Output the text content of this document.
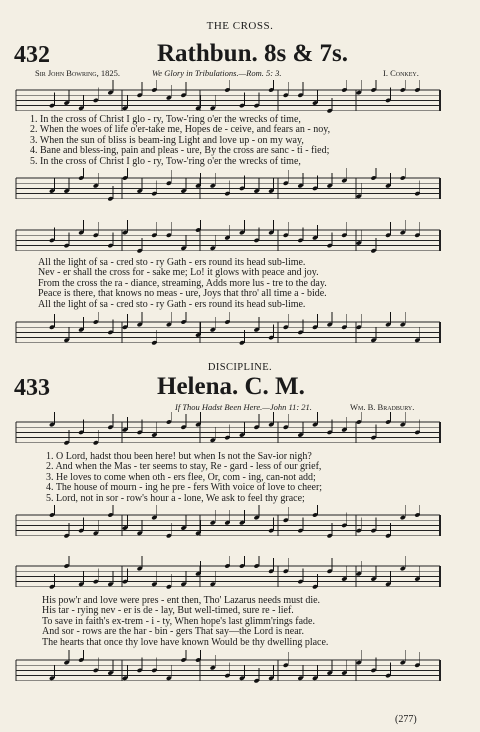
THE CROSS.
432	Rathbun. 8s & 7s.
Sir John Bowring, 1825.	We Glory in Tribulations.—Rom. 5: 3.	I. Conkey.
1. In the cross of Christ I glo - ry, Tow-'ring o'er the wrecks of time,
2. When the woes of life o'er-take me, Hopes de - ceive, and fears an - noy,
3. When the sun of bliss is beam-ing Light and love up - on my way,
4. Bane and bless-ing, pain and pleas - ure, By the cross are sanc - ti - fied;
5. In the cross of Christ I glo - ry, Tow-'ring o'er the wrecks of time,
All the light of sa - cred sto - ry Gath - ers round its head sub-lime.
Nev - er shall the cross for - sake me; Lo! it glows with peace and joy.
From the cross the ra - diance, streaming, Adds more lus - tre to the day.
Peace is there, that knows no meas - ure, Joys that thro' all time a - bide.
All the light of sa - cred sto - ry Gath - ers round its head sub-lime.
DISCIPLINE.
433	Helena. C. M.
If Thou Hadst Been Here.—John 11: 21.	Wm. B. Bradbury.
1. O Lord, hadst thou been here! but when Is not the Sav-ior nigh?
2. And when the Mas - ter seems to stay, Re - gard - less of our grief,
3. He loves to come when oth - ers flee, Or, com - ing, can-not add;
4. The house of mourn - ing he pre - fers With voice of love to cheer;
5. Lord, not in sor - row's hour a - lone, We ask to feel thy grace;
His pow'r and love were pres - ent then, Tho' Lazarus needs must die.
His tar - rying nev - er is de - lay, But well-timed, sure re - lief.
To save in faith's ex-trem - i - ty, When hope's last glimm'rings fade.
And sor - rows are the har - bin - gers That say—the Lord is near.
The hearts that once thy love have known Would be thy dwelling place.
(277)
